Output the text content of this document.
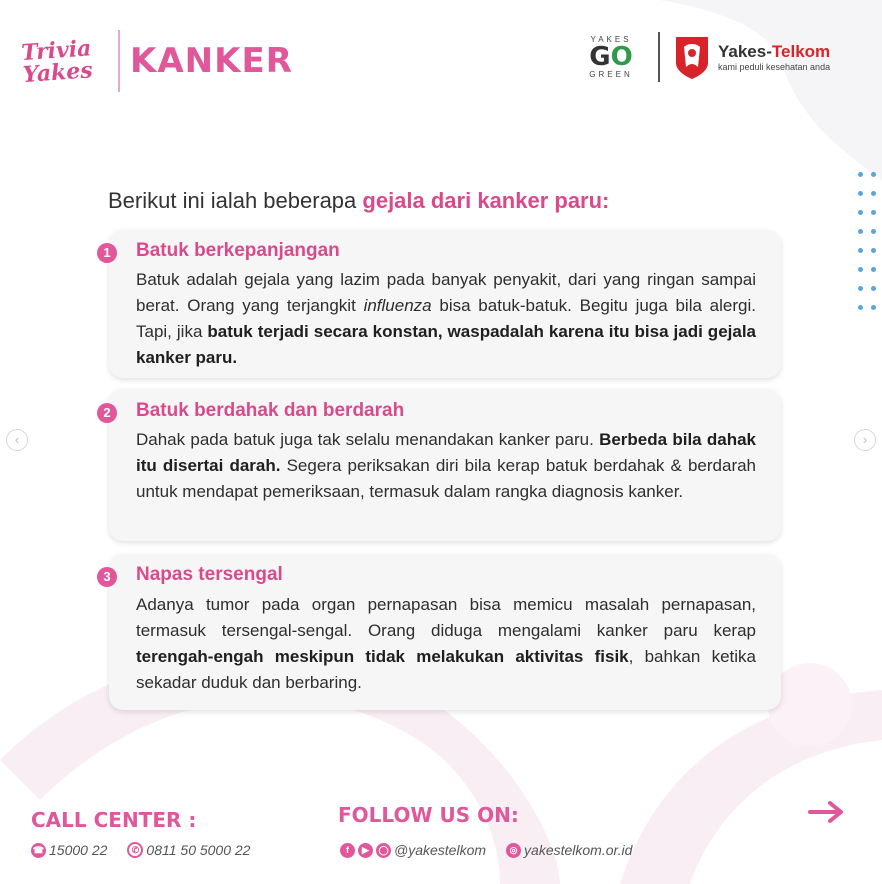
Trivia Yakes	KANKER
YAKES
GO
GREEN
Yakes-Telkom
kami peduli kesehatan anda
‹	›
Berikut ini ialah beberapa gejala dari kanker paru:
1	Batuk berkepanjangan
Batuk adalah gejala yang lazim pada banyak penyakit, dari yang ringan sampai berat. Orang yang terjangkit influenza bisa batuk-batuk. Begitu juga bila alergi. Tapi, jika batuk terjadi secara konstan, waspadalah karena itu bisa jadi gejala kanker paru.
2	Batuk berdahak dan berdarah
Dahak pada batuk juga tak selalu menandakan kanker paru. Berbeda bila dahak itu disertai darah. Segera periksakan diri bila kerap batuk berdahak & berdarah untuk mendapat pemeriksaan, termasuk dalam rangka diagnosis kanker.
3	Napas tersengal
Adanya tumor pada organ pernapasan bisa memicu masalah pernapasan, termasuk tersengal-sengal. Orang diduga mengalami kanker paru kerap terengah-engah meskipun tidak melakukan aktivitas fisik, bahkan ketika sekadar duduk dan berbaring.
CALL CENTER :
☎ 15000 22	✆ 0811 50 5000 22
FOLLOW US ON:
f	▶	◯ @yakestelkom	◎ yakestelkom.or.id
